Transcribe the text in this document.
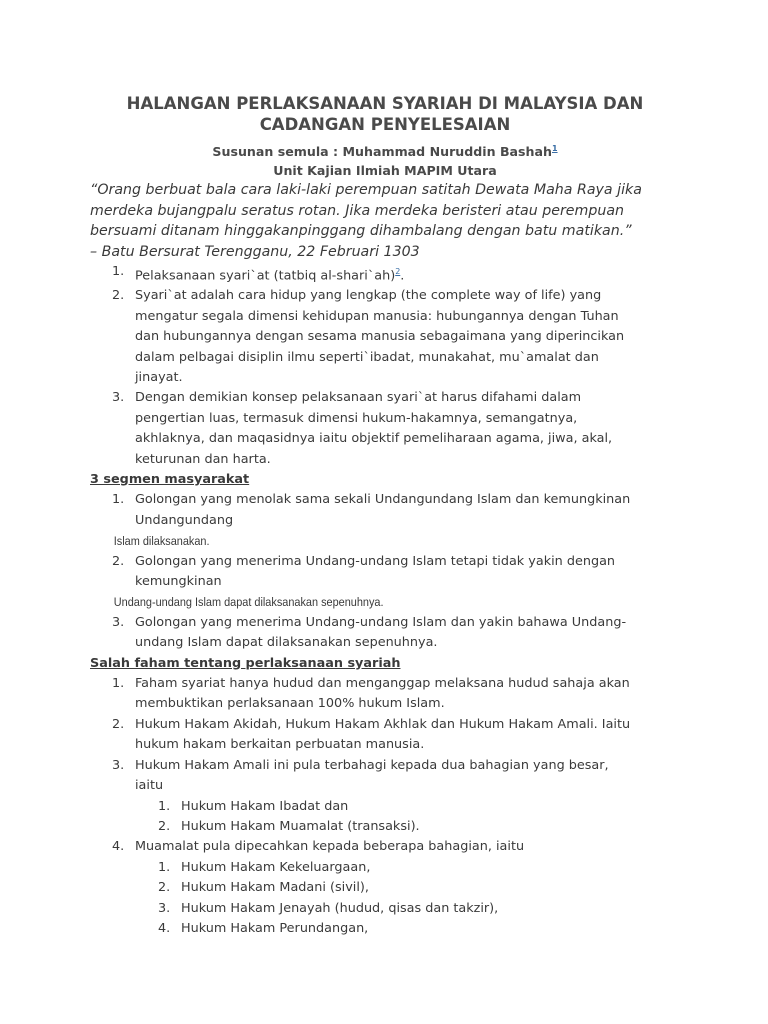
HALANGAN PERLAKSANAAN SYARIAH DI MALAYSIA DAN
CADANGAN PENYELESAIAN

Susunan semula : Muhammad Nuruddin Bashah$^1$

Unit Kajian Ilmiah MAPIM Utara

“Orang berbuat bala cara laki-laki perempuan satitah Dewata Maha Raya jika

merdeka bujangpalu seratus rotan. Jika merdeka beristeri atau perempuan

bersuami ditanam hinggakanpinggang dihambalang dengan batu matikan.”

– Batu Bersurat Terengganu, 22 Februari 1303

1. Pelaksanaan syari`at (tatbiq al-shari`ah)$^2$.
2. Syari`at adalah cara hidup yang lengkap (the complete way of life) yang
mengatur segala dimensi kehidupan manusia: hubungannya dengan Tuhan
dan hubungannya dengan sesama manusia sebagaimana yang diperincikan
dalam pelbagai disiplin ilmu seperti`ibadat, munakahat, mu`amalat dan
jinayat.
3. Dengan demikian konsep pelaksanaan syari`at harus difahami dalam
pengertian luas, termasuk dimensi hukum-hakamnya, semangatnya,
akhlaknya, dan maqasidnya iaitu objektif pemeliharaan agama, jiwa, akal,
keturunan dan harta.

3 segmen masyarakat

1. Golongan yang menolak sama sekali Undangundang Islam dan kemungkinan
Undangundang

Islam dilaksanakan.

2. Golongan yang menerima Undang-undang Islam tetapi tidak yakin dengan
kemungkinan

Undang-undang Islam dapat dilaksanakan sepenuhnya.

3. Golongan yang menerima Undang-undang Islam dan yakin bahawa Undang-
undang Islam dapat dilaksanakan sepenuhnya.

Salah faham tentang perlaksanaan syariah

1. Faham syariat hanya hudud dan menganggap melaksana hudud sahaja akan
membuktikan perlaksanaan 100% hukum Islam.
2. Hukum Hakam Akidah, Hukum Hakam Akhlak dan Hukum Hakam Amali. Iaitu
hukum hakam berkaitan perbuatan manusia.
3. Hukum Hakam Amali ini pula terbahagi kepada dua bahagian yang besar,
iaitu
1. Hukum Hakam Ibadat dan
2. Hukum Hakam Muamalat (transaksi).
4. Muamalat pula dipecahkan kepada beberapa bahagian, iaitu
1. Hukum Hakam Kekeluargaan,
2. Hukum Hakam Madani (sivil),
3. Hukum Hakam Jenayah (hudud, qisas dan takzir),
4. Hukum Hakam Perundangan,
